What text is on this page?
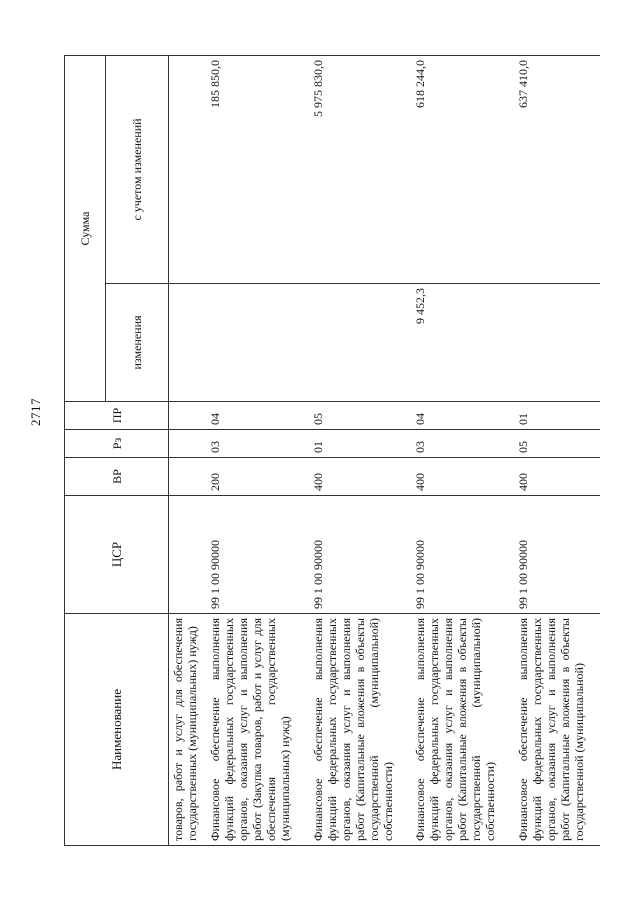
2717
Наименование	ЦСР	ВР	Рз	ПР	Сумма	
					изменения	с учетом изменений
товаров, работ и услуг для обеспечения государственных (муниципальных) нужд)						
Финансовое обеспечение выполнения функций федеральных государственных органов, оказания услуг и выполнения работ (Закупка товаров, работ и услуг для обеспечения государственных (муниципальных) нужд)	99 1 00 90000	200	03	04		185 850,0
Финансовое обеспечение выполнения функций федеральных государственных органов, оказания услуг и выполнения работ (Капитальные вложения в объекты государственной (муниципальной) собственности)	99 1 00 90000	400	01	05		5 975 830,0
Финансовое обеспечение выполнения функций федеральных государственных органов, оказания услуг и выполнения работ (Капитальные вложения в объекты государственной (муниципальной) собственности)	99 1 00 90000	400	03	04	9 452,3	618 244,0
Финансовое обеспечение выполнения функций федеральных государственных органов, оказания услуг и выполнения работ (Капитальные вложения в объекты государственной (муниципальной)	99 1 00 90000	400	05	01		637 410,0
